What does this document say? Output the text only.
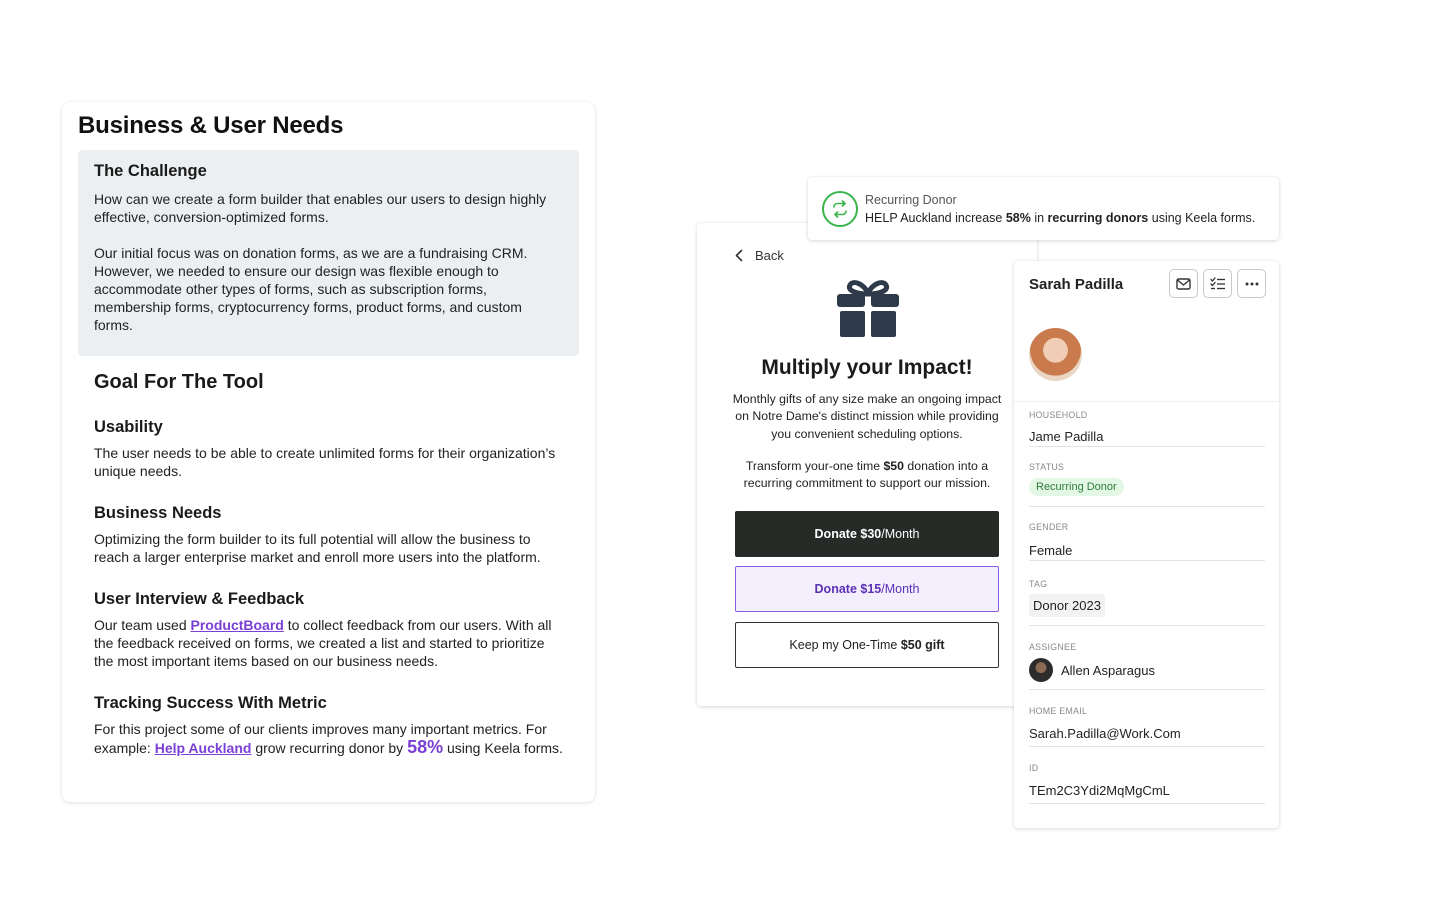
Business & User Needs
The Challenge

How can we create a form builder that enables our users to design highly effective, conversion-optimized forms.

Our initial focus was on donation forms, as we are a fundraising CRM. However, we needed to ensure our design was flexible enough to accommodate other types of forms, such as subscription forms, membership forms, cryptocurrency forms, product forms, and custom forms.

Goal For The Tool
Usability

The user needs to be able to create unlimited forms for their organization’s unique needs.

Business Needs

Optimizing the form builder to its full potential will allow the business to reach a larger enterprise market and enroll more users into the platform.

User Interview & Feedback

Our team used ProductBoard to collect feedback from our users. With all the feedback received on forms, we created a list and started to prioritize the most important items based on our business needs.

Tracking Success With Metric

For this project some of our clients improves many important metrics. For example: Help Auckland grow recurring donor by 58% using Keela forms.

Back
Multiply your Impact!
Monthly gifts of any size make an ongoing impact on Notre Dame's distinct mission while providing you convenient scheduling options.
Transform your-one time $50 donation into a recurring commitment to support our mission.
Donate $30 /Month
Donate $15 /Month
Keep my One-Time
$50 gift
Recurring Donor
HELP Auckland increase 58% in recurring donors using Keela forms.
Sarah Padilla
HOUSEHOLD
Jame Padilla
STATUS
Recurring Donor
GENDER
Female
TAG
Donor 2023
ASSIGNEE
Allen Asparagus
HOME EMAIL
Sarah.Padilla@Work.Com
ID
TEm2C3Ydi2MqMgCmL
